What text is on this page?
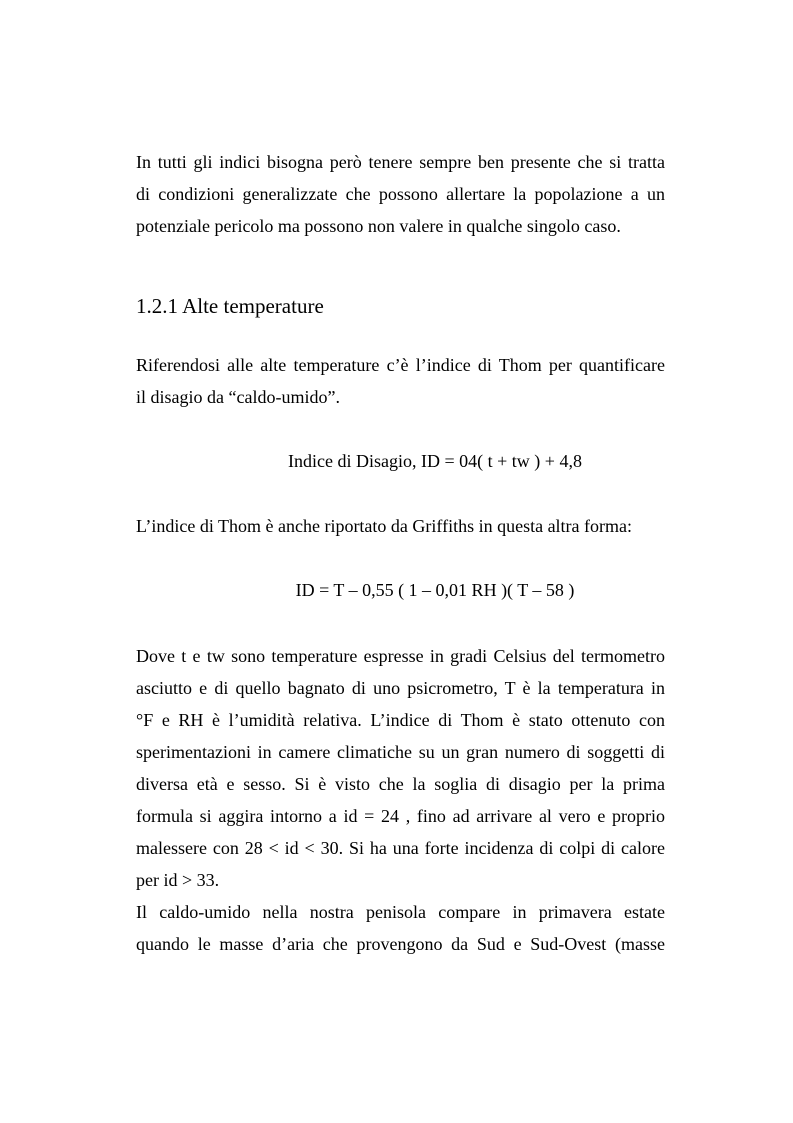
In tutti gli indici bisogna però tenere sempre ben presente che si tratta
di condizioni generalizzate che possono allertare la popolazione a un
potenziale pericolo ma possono non valere in qualche singolo caso.
1.2.1 Alte temperature
Riferendosi alle alte temperature c’è l’indice di Thom per quantificare
il disagio da “caldo-umido”.
Indice di Disagio, ID = 04( t + tw ) + 4,8
L’indice di Thom è anche riportato da Griffiths in questa altra forma:
ID = T – 0,55 ( 1 – 0,01 RH )( T – 58 )
Dove t e tw sono temperature espresse in gradi Celsius del termometro
asciutto e di quello bagnato di uno psicrometro, T è la temperatura in
°F e RH è l’umidità relativa. L’indice di Thom è stato ottenuto con
sperimentazioni in camere climatiche su un gran numero di soggetti di
diversa età e sesso. Si è visto che la soglia di disagio per la prima
formula si aggira intorno a id = 24 , fino ad arrivare al vero e proprio
malessere con 28 < id < 30. Si ha una forte incidenza di colpi di calore
per id > 33.
Il caldo-umido nella nostra penisola compare in primavera estate
quando le masse d’aria che provengono da Sud e Sud-Ovest (masse
